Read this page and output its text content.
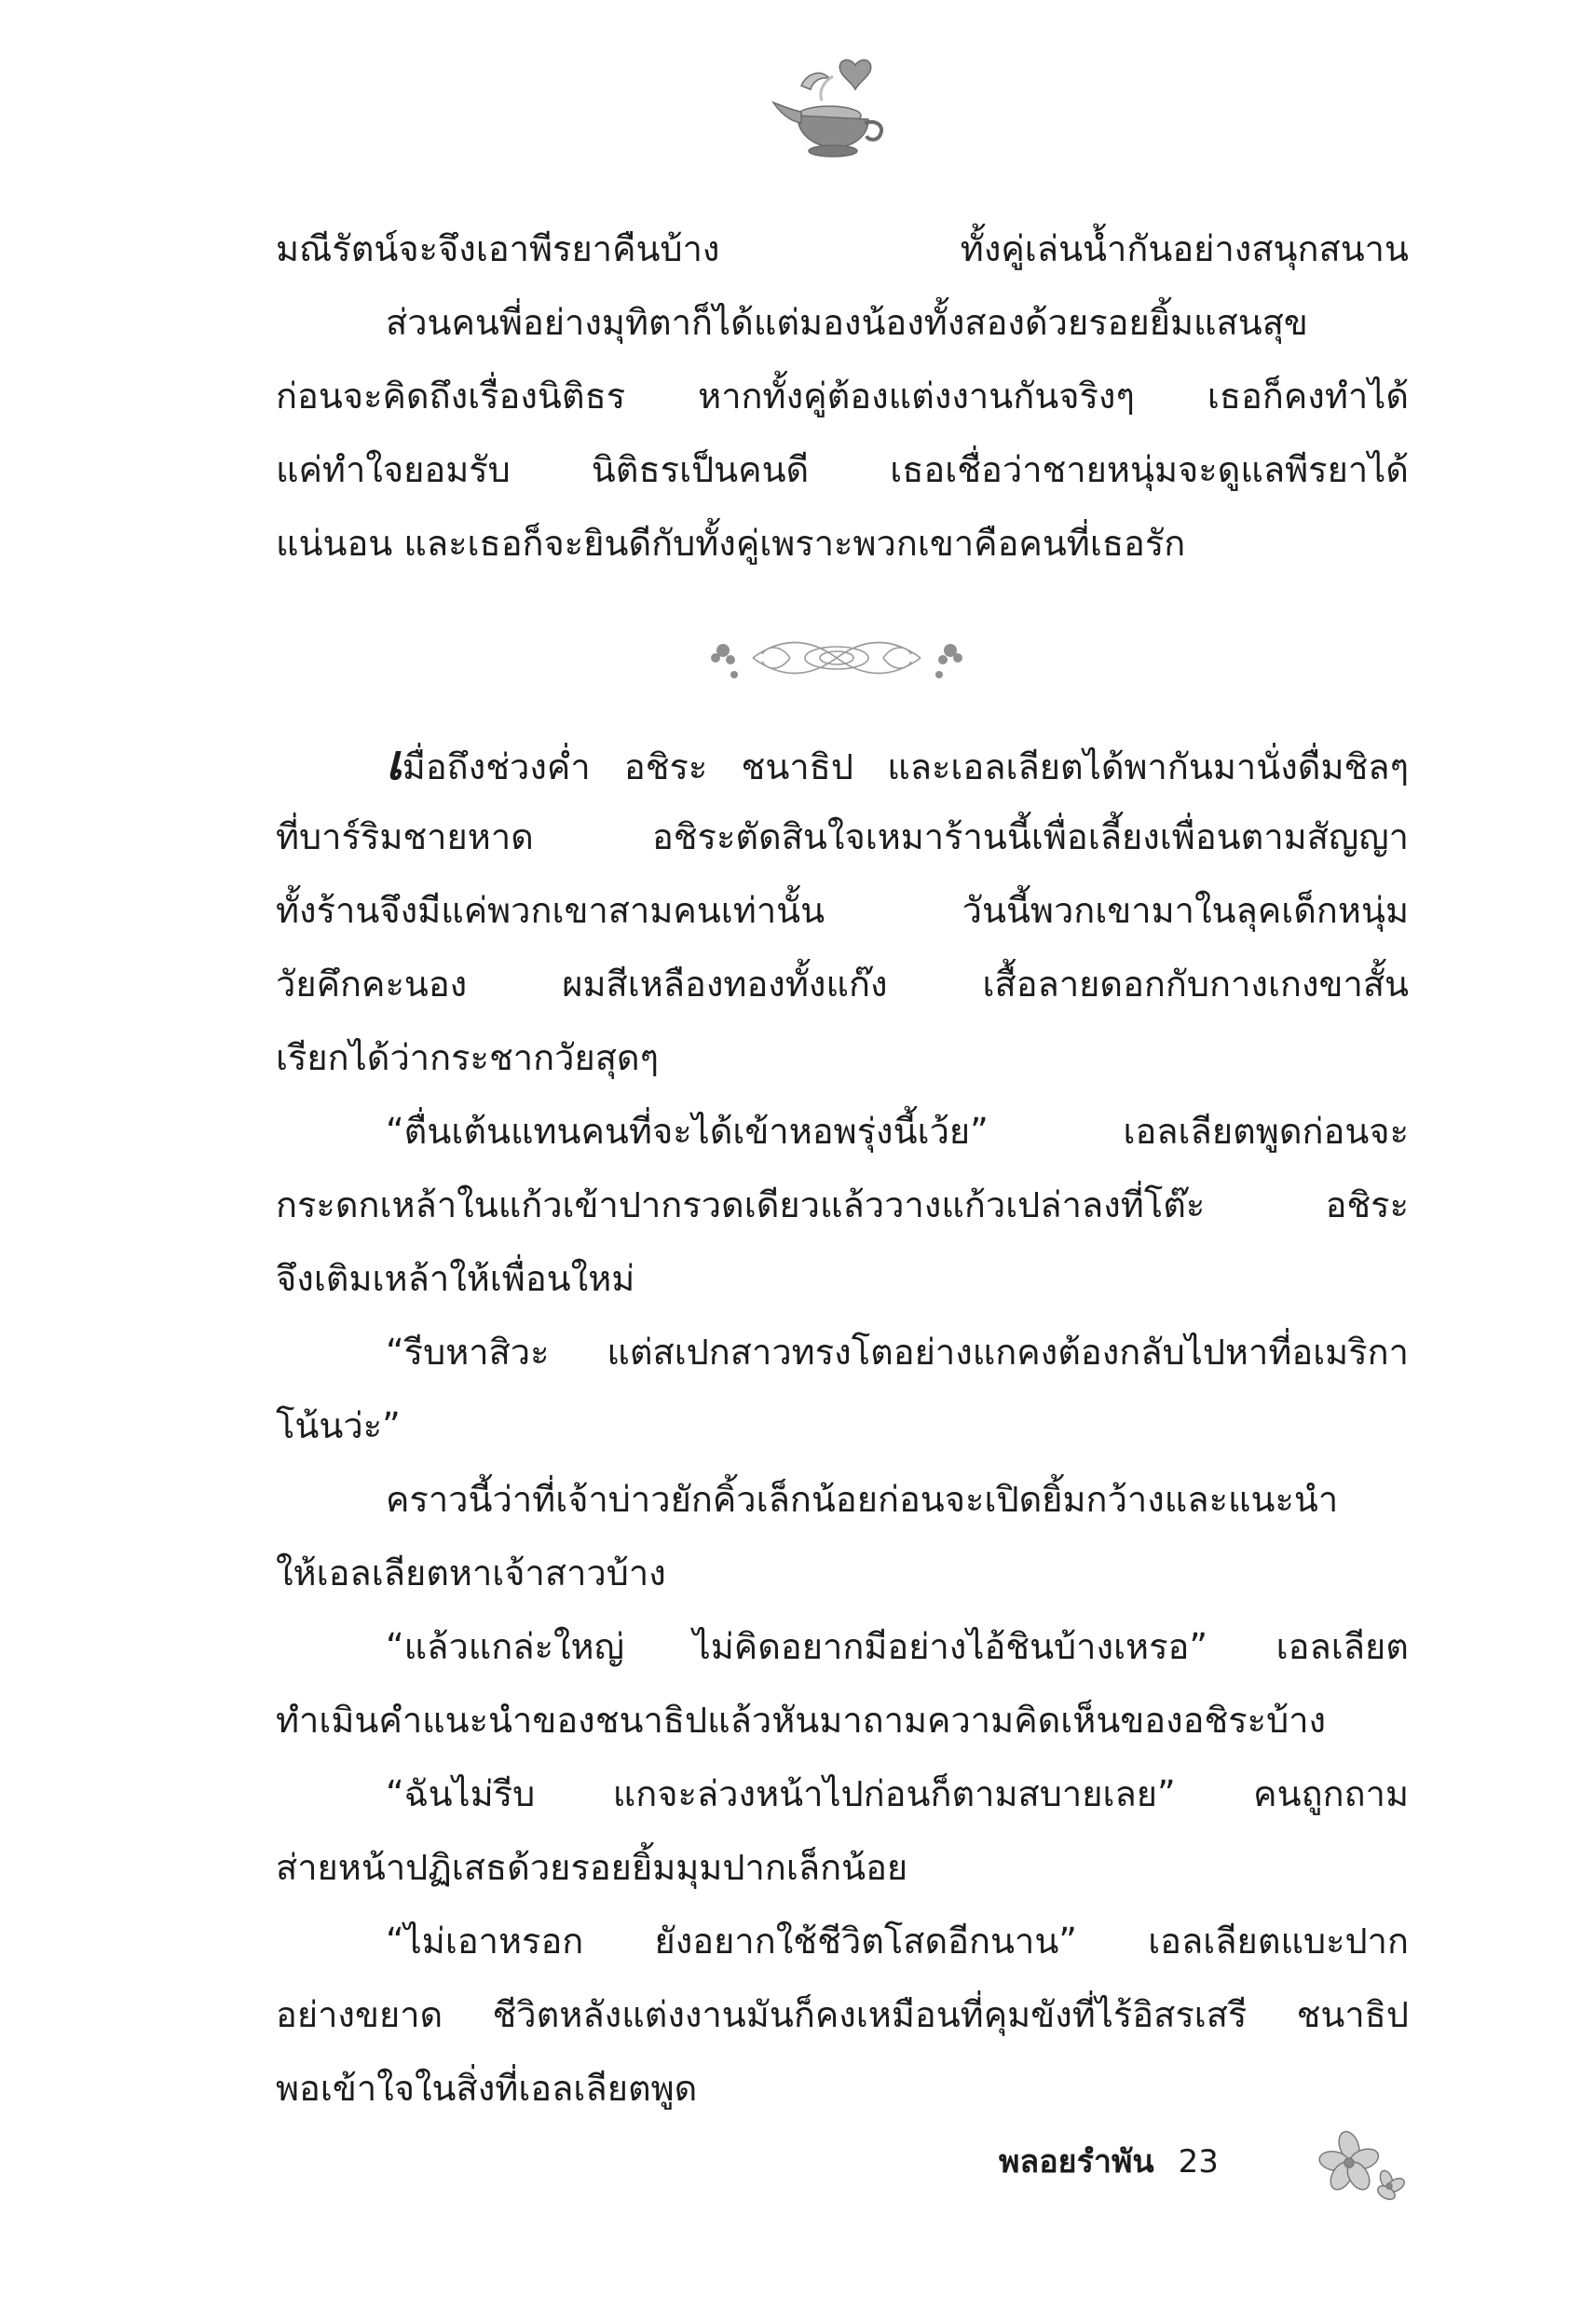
มณีรัตน์จะจึงเอาพีรยาคืนบ้าง ทั้งคู่เล่นน้ำกันอย่างสนุกสนาน
ส่วนคนพี่อย่างมุทิตาก็ได้แต่มองน้องทั้งสองด้วยรอยยิ้มแสนสุข
ก่อนจะคิดถึงเรื่องนิติธร หากทั้งคู่ต้องแต่งงานกันจริงๆ เธอก็คงทำได้
แค่ทำใจยอมรับ นิติธรเป็นคนดี เธอเชื่อว่าชายหนุ่มจะดูแลพีรยาได้
แน่นอน และเธอก็จะยินดีกับทั้งคู่เพราะพวกเขาคือคนที่เธอรัก
เมื่อถึงช่วงค่ำ อชิระ ชนาธิป และเอลเลียตได้พากันมานั่งดื่มชิลๆ
ที่บาร์ริมชายหาด อชิระตัดสินใจเหมาร้านนี้เพื่อเลี้ยงเพื่อนตามสัญญา
ทั้งร้านจึงมีแค่พวกเขาสามคนเท่านั้น วันนี้พวกเขามาในลุคเด็กหนุ่ม
วัยคึกคะนอง ผมสีเหลืองทองทั้งแก๊ง เสื้อลายดอกกับกางเกงขาสั้น
เรียกได้ว่ากระชากวัยสุดๆ
“ตื่นเต้นแทนคนที่จะได้เข้าหอพรุ่งนี้เว้ย” เอลเลียตพูดก่อนจะ
กระดกเหล้าในแก้วเข้าปากรวดเดียวแล้ววางแก้วเปล่าลงที่โต๊ะ อชิระ
จึงเติมเหล้าให้เพื่อนใหม่
“รีบหาสิวะ แต่สเปกสาวทรงโตอย่างแกคงต้องกลับไปหาที่อเมริกา
โน้นว่ะ”
คราวนี้ว่าที่เจ้าบ่าวยักคิ้วเล็กน้อยก่อนจะเปิดยิ้มกว้างและแนะนำ
ให้เอลเลียตหาเจ้าสาวบ้าง
“แล้วแกล่ะใหญ่ ไม่คิดอยากมีอย่างไอ้ชินบ้างเหรอ” เอลเลียต
ทำเมินคำแนะนำของชนาธิปแล้วหันมาถามความคิดเห็นของอชิระบ้าง
“ฉันไม่รีบ แกจะล่วงหน้าไปก่อนก็ตามสบายเลย” คนถูกถาม
ส่ายหน้าปฏิเสธด้วยรอยยิ้มมุมปากเล็กน้อย
“ไม่เอาหรอก ยังอยากใช้ชีวิตโสดอีกนาน” เอลเลียตแบะปาก
อย่างขยาด ชีวิตหลังแต่งงานมันก็คงเหมือนที่คุมขังที่ไร้อิสรเสรี ชนาธิป
พอเข้าใจในสิ่งที่เอลเลียตพูด
พลอยรำพัน 23
